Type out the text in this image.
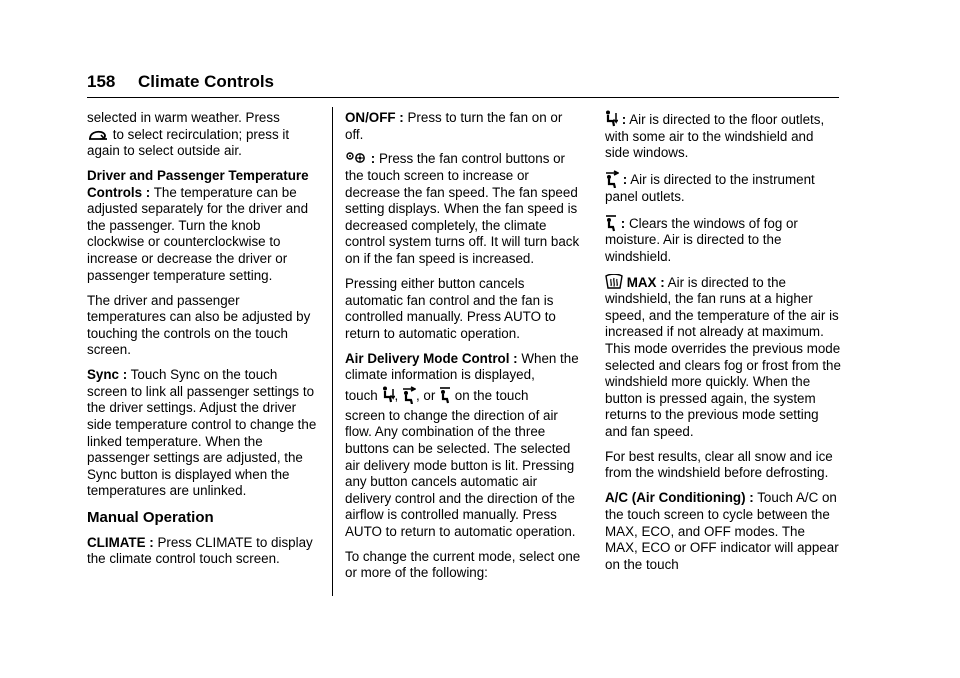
158 Climate Controls

selected in warm weather. Press
to select recirculation; press it again to select outside air.

Driver and Passenger Temperature Controls : The temperature can be adjusted separately for the driver and the passenger. Turn the knob clockwise or counterclockwise to increase or decrease the driver or passenger temperature setting.

The driver and passenger temperatures can also be adjusted by touching the controls on the touch screen.

Sync : Touch Sync on the touch screen to link all passenger settings to the driver settings. Adjust the driver side temperature control to change the linked temperature. When the passenger settings are adjusted, the Sync button is displayed when the temperatures are unlinked.

Manual Operation

CLIMATE : Press CLIMATE to display the climate control touch screen.

ON/OFF : Press to turn the fan on or off.

: Press the fan control buttons or the touch screen to increase or decrease the fan speed. The fan speed setting displays. When the fan speed is decreased completely, the climate control system turns off. It will turn back on if the fan speed is increased.

Pressing either button cancels automatic fan control and the fan is controlled manually. Press AUTO to return to automatic operation.

Air Delivery Mode Control : When the climate information is displayed,
touch , , or on the touch
screen to change the direction of air flow. Any combination of the three buttons can be selected. The selected air delivery mode button is lit. Pressing any button cancels automatic air delivery control and the direction of the airflow is controlled manually. Press AUTO to return to automatic operation.

To change the current mode, select one or more of the following:

: Air is directed to the floor outlets, with some air to the windshield and side windows.

: Air is directed to the instrument panel outlets.

: Clears the windows of fog or moisture. Air is directed to the windshield.

MAX : Air is directed to the windshield, the fan runs at a higher speed, and the temperature of the air is increased if not already at maximum. This mode overrides the previous mode selected and clears fog or frost from the windshield more quickly. When the button is pressed again, the system returns to the previous mode setting and fan speed.

For best results, clear all snow and ice from the windshield before defrosting.

A/C (Air Conditioning) : Touch A/C on the touch screen to cycle between the MAX, ECO, and OFF modes. The MAX, ECO or OFF indicator will appear on the touch
